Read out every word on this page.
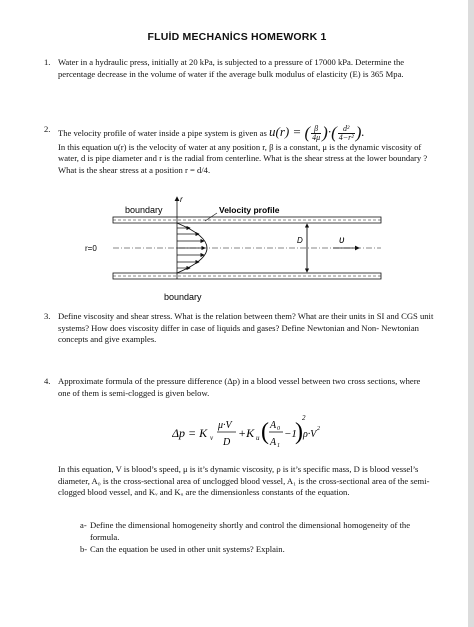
FLUİD MECHANİCS HOMEWORK 1
1. Water in a hydraulic press, initially at 20 kPa, is subjected to a pressure of 17000 kPa. Determine the percentage decrease in the volume of water if the average bulk modulus of elasticity (E) is 365 Mpa.

2. The velocity profile of water inside a pipe system is given as u(r) = ( $\frac{\beta}{4\mu}$ )·( $\frac{\text{d²}}{\text{4−r²}}$ ).

In this equation u(r) is the velocity of water at any position r, β is a constant, μ is the dynamic viscosity of water, d is pipe diameter and r is the radial from centerline. What is the shear stress at the lower boundary ? What is the shear stress at a position r = d/4.

r
D	υ
boundary	Velocity profile
r=0
boundary
3. Define viscosity and shear stress. What is the relation between them? What are their units in SI and CGS unit systems? How does viscosity differ in case of liquids and gases? Define Newtonian and Non- Newtonian concepts and give examples.

4. Approximate formula of the pressure difference (Δp) in a blood vessel between two cross sections, where one of them is semi-clogged is given below.

Δp = K v
μ·V
D
+K u ( A 0
A 1
−1
)
2
ρ·V 2

In this equation, V is blood’s speed, μ is it’s dynamic viscosity, ρ is it’s specific mass, D is blood vessel’s diameter, A₀ is the cross-sectional area of unclogged blood vessel, A₁ is the cross-sectional area of the semi-clogged blood vessel, and Kᵥ and Kᵤ are the dimensionless constants of the equation.

a- Define the dimensional homogeneity shortly and control the dimensional homogeneity of the formula.

b- Can the equation be used in other unit systems? Explain.
